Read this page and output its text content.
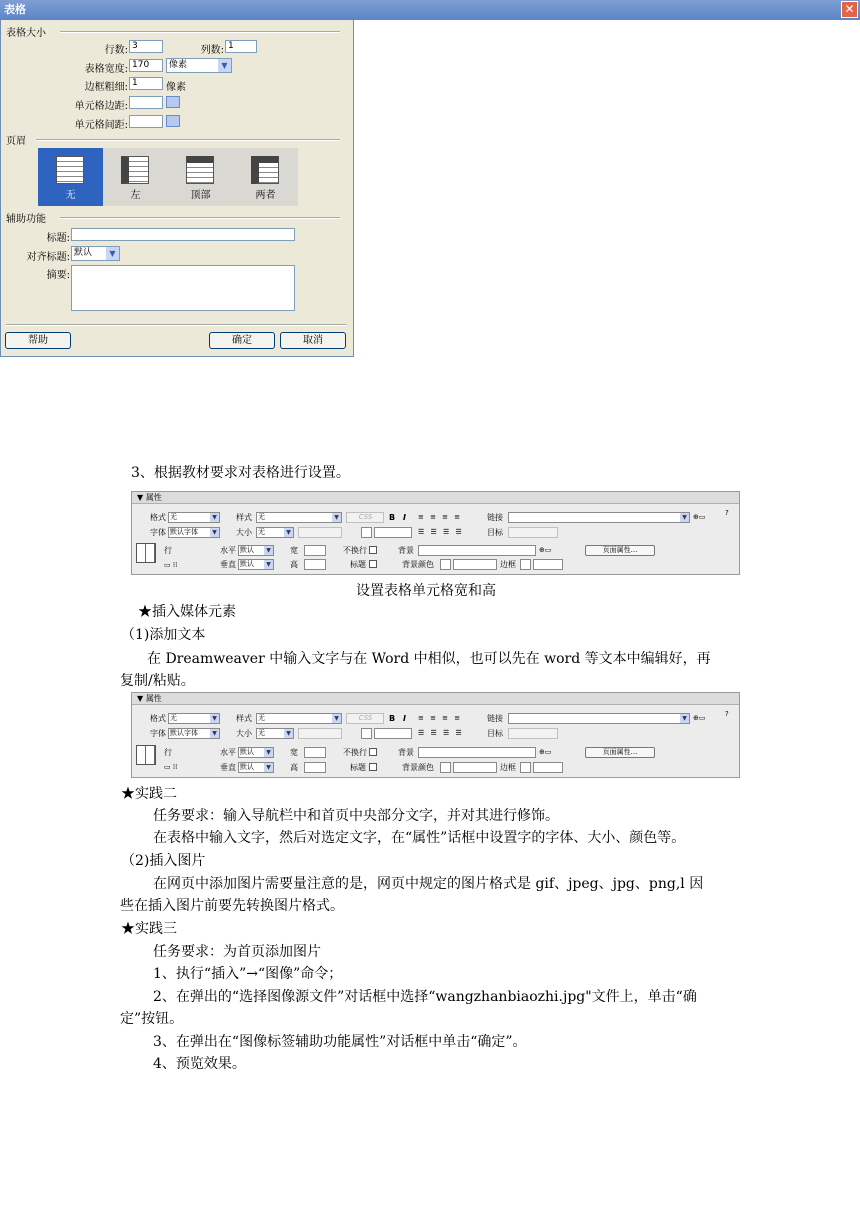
表格	✕
表格大小
行数: 3	列数: 1
表格宽度: 170	像素	▼
边框粗细: 1	像素
单元格边距:
单元格间距:
页眉
无	左	顶部	两者
辅助功能
标题:
对齐标题: 默认	▼
摘要:
帮助	确定	取消
3、根据教材要求对表格进行设置。
▼ 属性
格式 无	▼ 样式 无	▼	CSS	B I ≡ ≡ ≡ ≡	链接	▼ ⊕▭	?
字体 默认字体	▼ 大小 无	▼	☰ ☰ ☰ ☰	目标
行
▭ ⁞⁞
水平 默认	▼
垂直 默认	▼
宽
高
不换行
标题
背景	⊕▭	页面属性...
背景颜色	边框
设置表格单元格宽和高
★插入媒体元素
（1)添加文本
在 Dreamweaver 中输入文字与在 Word 中相似，也可以先在 word 等文本中编辑好，再
复制/粘贴。
▼ 属性
格式 无	▼ 样式 无	▼	CSS	B I ≡ ≡ ≡ ≡	链接	▼ ⊕▭	?
字体 默认字体	▼ 大小 无	▼	☰ ☰ ☰ ☰	目标
行
▭ ⁞⁞
水平 默认	▼
垂直 默认	▼
宽
高
不换行
标题
背景	⊕▭	页面属性...
背景颜色	边框
★实践二
任务要求：输入导航栏中和首页中央部分文字，并对其进行修饰。
在表格中输入文字，然后对选定文字，在“属性”话框中设置字的字体、大小、颜色等。
（2)插入图片
在网页中添加图片需要量注意的是，网页中规定的图片格式是 gif、jpeg、jpg、png,l 因
些在插入图片前要先转换图片格式。
★实践三
任务要求：为首页添加图片
1、执行“插入”→“图像”命令；
2、在弹出的“选择图像源文件”对话框中选择“wangzhanbiaozhi.jpg"文件上，单击“确
定”按钮。
3、在弹出在“图像标签辅助功能属性”对话框中单击“确定”。
4、预览效果。
